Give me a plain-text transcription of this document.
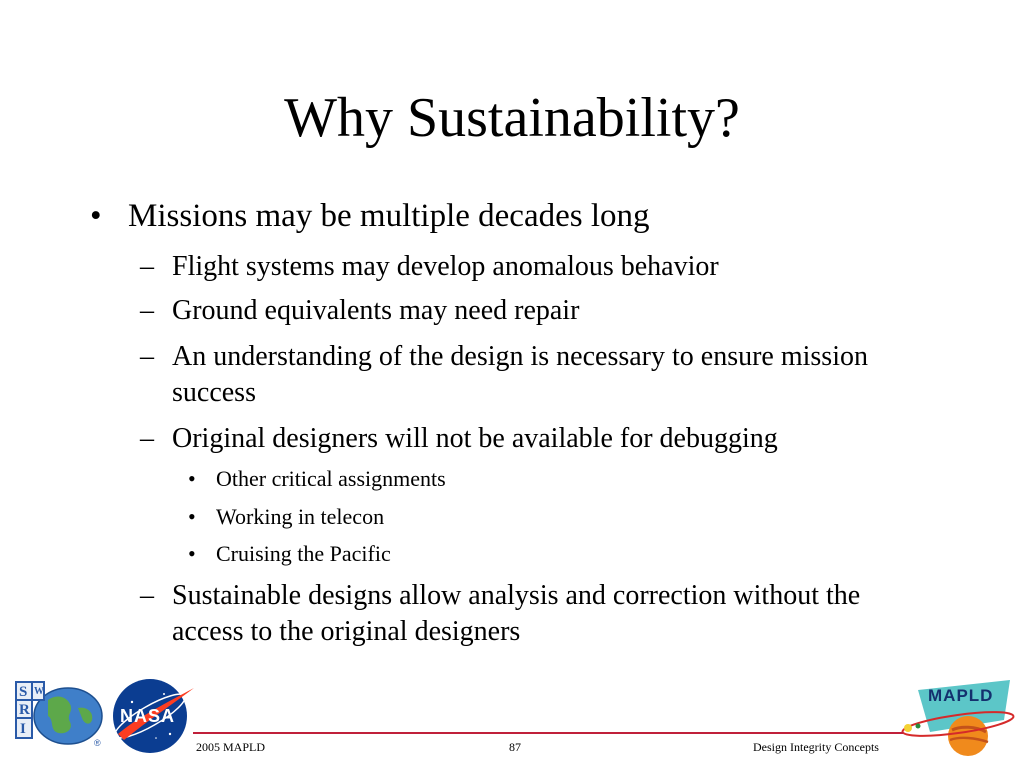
Why Sustainability?
• Missions may be multiple decades long
– Flight systems may develop anomalous behavior
– Ground equivalents may need repair
– An understanding of the design is necessary to ensure mission success
– Original designers will not be available for debugging
• Other critical assignments
• Working in telecon
• Cruising the Pacific
– Sustainable designs allow analysis and correction without the access to the original designers
S W
R
I
®
NASA
MAPLD
2005 MAPLD	87	Design Integrity Concepts
